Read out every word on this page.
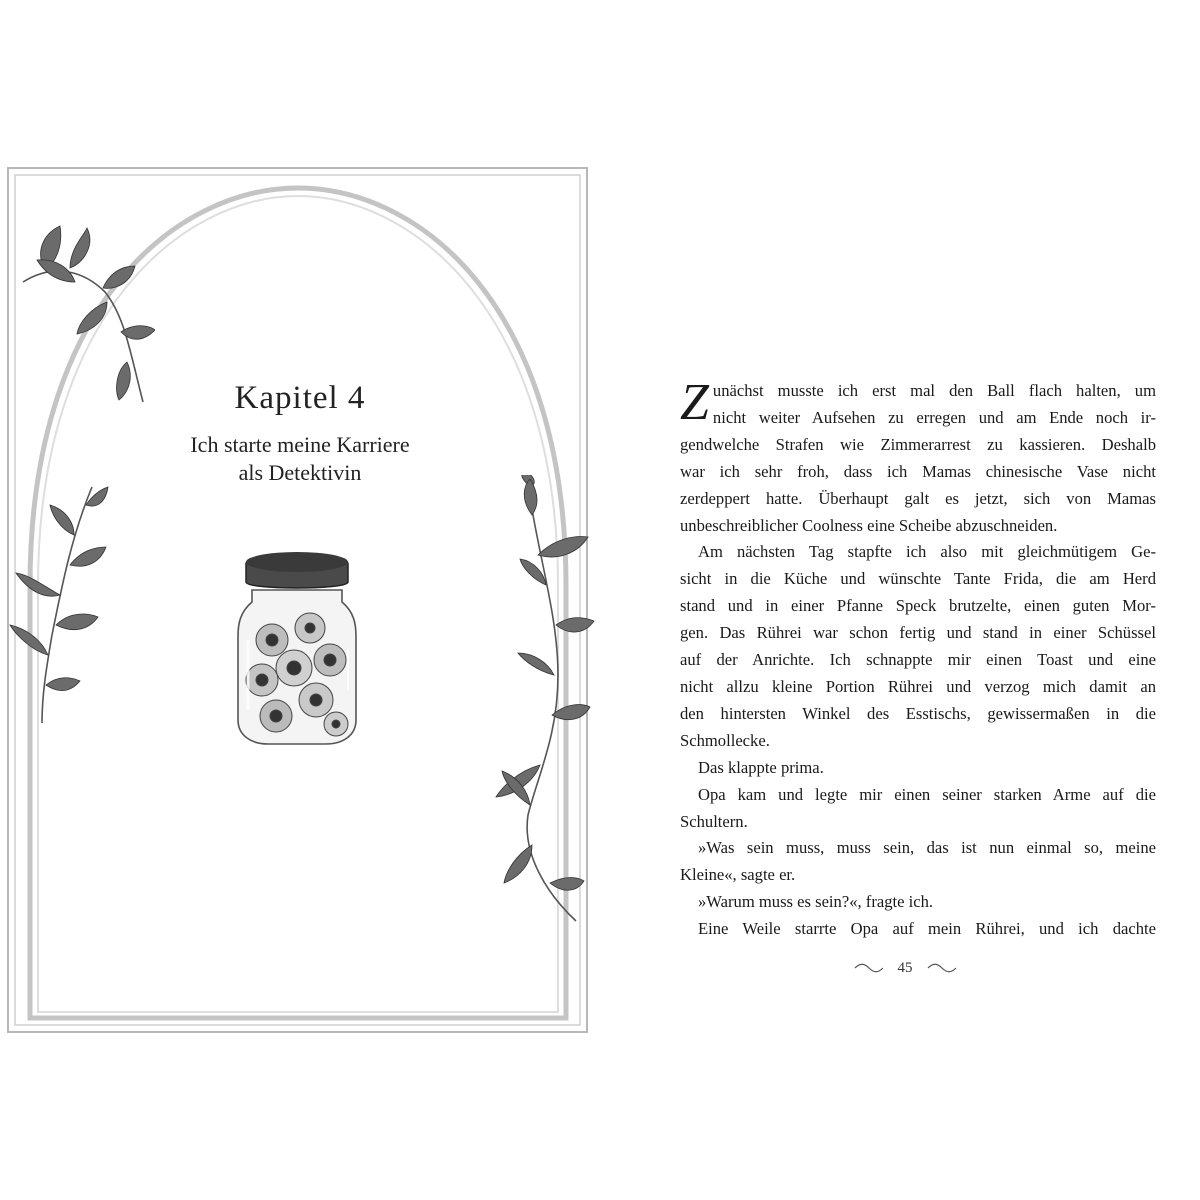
Kapitel 4
Ich starte meine Karriere
als Detektivin
Z unächst musste ich erst mal den Ball flach halten, um
nicht weiter Aufsehen zu erregen und am Ende noch ir-
gendwelche Strafen wie Zimmerarrest zu kassieren. Deshalb
war ich sehr froh, dass ich Mamas chinesische Vase nicht
zerdeppert hatte. Überhaupt galt es jetzt, sich von Mamas
unbeschreiblicher Coolness eine Scheibe abzuschneiden.
Am nächsten Tag stapfte ich also mit gleichmütigem Ge-
sicht in die Küche und wünschte Tante Frida, die am Herd
stand und in einer Pfanne Speck brutzelte, einen guten Mor-
gen. Das Rührei war schon fertig und stand in einer Schüssel
auf der Anrichte. Ich schnappte mir einen Toast und eine
nicht allzu kleine Portion Rührei und verzog mich damit an
den hintersten Winkel des Esstischs, gewissermaßen in die
Schmollecke.
Das klappte prima.
Opa kam und legte mir einen seiner starken Arme auf die
Schultern.
»Was sein muss, muss sein, das ist nun einmal so, meine
Kleine«, sagte er.
»Warum muss es sein?«, fragte ich.
Eine Weile starrte Opa auf mein Rührei, und ich dachte
45
